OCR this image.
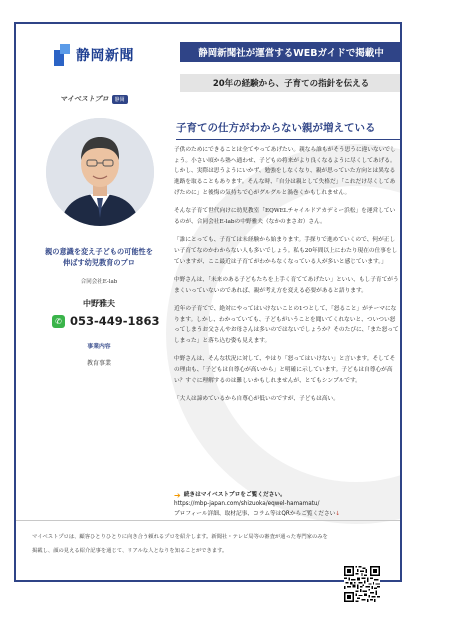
静岡新聞
マイベストプロ	静岡
静岡新聞社が運営するWEBガイドで掲載中
20年の経験から、子育ての指針を伝える
親の意識を変え子どもの可能性を
伸ばす幼児教育のプロ
合同会社E-lab
中野雅夫
✆ 053-449-1863
事業内容
教育事業
子育ての仕方がわからない親が増えている

子供のためにできることは全てやってあげたい。親なら誰もがそう思うに違いないでしょう。小さい頃から塾へ通わせ、子どもの将来がより良くなるように尽くしてあげる。しかし、実際は思うようにいかず、勉強をしなくなり、親が思っていた方向とは異なる進路を取ることもあります。そんな時、「自分は親として失格だ」「これだけ尽くしてあげたのに」と後悔の気持ちで心がグルグルと渦巻くかもしれません。

そんな子育て世代向けに幼児教室「EQWELチャイルドアカデミー浜松」を運営しているのが、合同会社E-labの中野雅夫（なかのまさお）さん。

「誰にとっても、子育ては未経験から始まります。手探りで進めていくので、何が正しい子育てなのかわからない人も多いでしょう。私も20年間以上にわたり現在の仕事をしていますが、ここ最近は子育てがわからなくなっている人が多いと感じています。」

中野さんは、「未来のある子どもたちを上手く育ててあげたい」といい、もし子育てがうまくいっていないのであれば、親が考え方を変える必要があると語ります。

近年の子育てで、絶対にやってはいけないことの1つとして、「怒ること」がテーマになります。しかし、わかっていても、子どもがいうことを聞いてくれないと、ついつい怒ってしまうお父さんやお母さんは多いのではないでしょうか？そのたびに、「また怒ってしまった」と落ち込む姿も見えます。

中野さんは、そんな状況に対して、やはり「怒ってはいけない」と言います。そしてその理由も、「子どもは自尊心が高いから」と明確に示しています。子どもは自尊心が高い？すぐに理解するのは難しいかもしれませんが、とてもシンプルです。

「大人は諦めているから自尊心が低いのですが、子どもは高い。

➔ 続きはマイベストプロをご覧ください。
https://mbp-japan.com/shizuoka/eqwel-hamamatu/
プロフィール詳細、取材記事、コラム等はQRからご覧ください↓
マイベストプロは、顧客ひとりひとりに向き合う頼れるプロを紹介します。新聞社・テレビ局等の審査が通った専門家のみを掲載し、顔の見える紹介記事を通じて、リアルな人となりを知ることができます。
